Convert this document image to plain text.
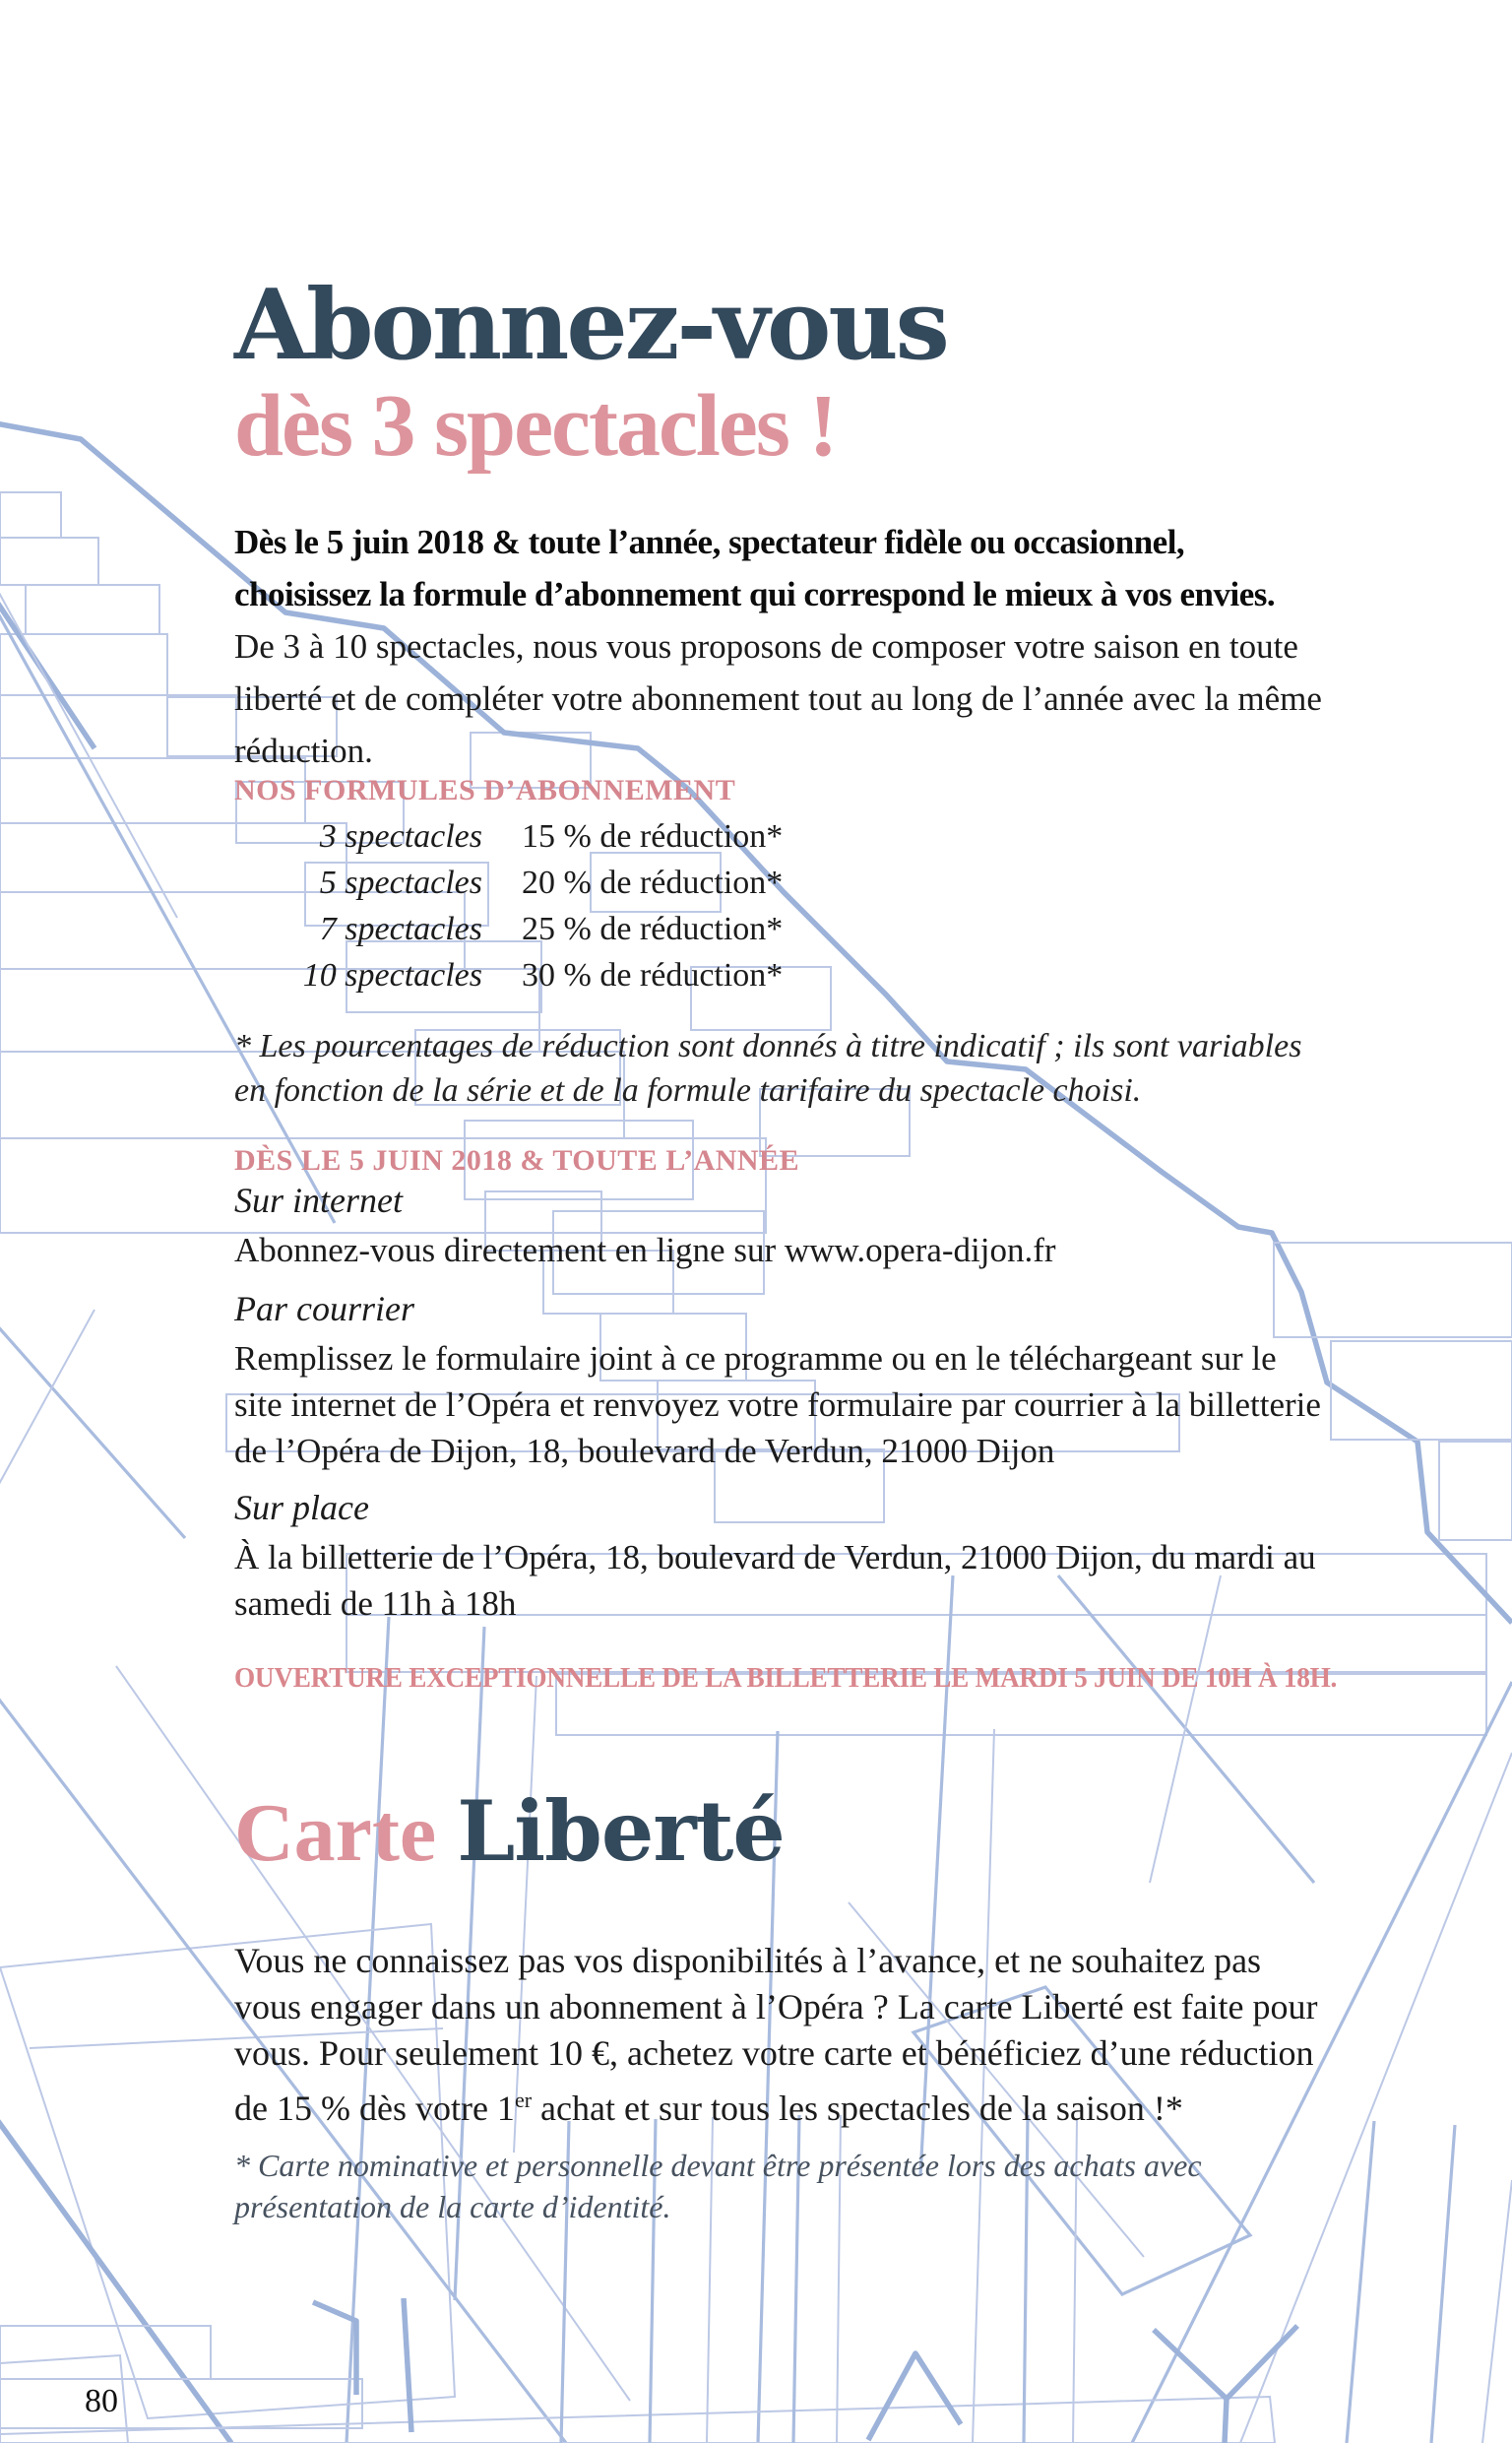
Abonnez-vous
dès 3 spectacles !

Dès le 5 juin 2018 & toute l’année, spectateur fidèle ou occasionnel, choisissez la formule d’abonnement qui correspond le mieux à vos envies. De 3 à 10 spectacles, nous vous proposons de composer votre saison en toute liberté et de compléter votre abonnement tout au long de l’année avec la même réduction.

NOS FORMULES D’ABONNEMENT
3 spectacles 15 % de réduction*
5 spectacles 20 % de réduction*
7 spectacles 25 % de réduction*
10 spectacles 30 % de réduction*

* Les pourcentages de réduction sont donnés à titre indicatif ; ils sont variables en fonction de la série et de la formule tarifaire du spectacle choisi.

DÈS LE 5 JUIN 2018 & TOUTE L’ANNÉE

Sur internet

Abonnez-vous directement en ligne sur www.opera-dijon.fr

Par courrier

Remplissez le formulaire joint à ce programme ou en le téléchargeant sur le site internet de l’Opéra et renvoyez votre formulaire par courrier à la billetterie de l’Opéra de Dijon, 18, boulevard de Verdun, 21000 Dijon

Sur place

À la billetterie de l’Opéra, 18, boulevard de Verdun, 21000 Dijon, du mardi au samedi de 11h à 18h

OUVERTURE EXCEPTIONNELLE DE LA BILLETTERIE LE MARDI 5 JUIN DE 10H À 18H.

Carte Liberté

Vous ne connaissez pas vos disponibilités à l’avance, et ne souhaitez pas vous engager dans un abonnement à l’Opéra ? La carte Liberté est faite pour vous. Pour seulement 10 €, achetez votre carte et bénéficiez d’une réduction de 15 % dès votre 1er achat et sur tous les spectacles de la saison !*

* Carte nominative et personnelle devant être présentée lors des achats avec présentation de la carte d’identité.

80
